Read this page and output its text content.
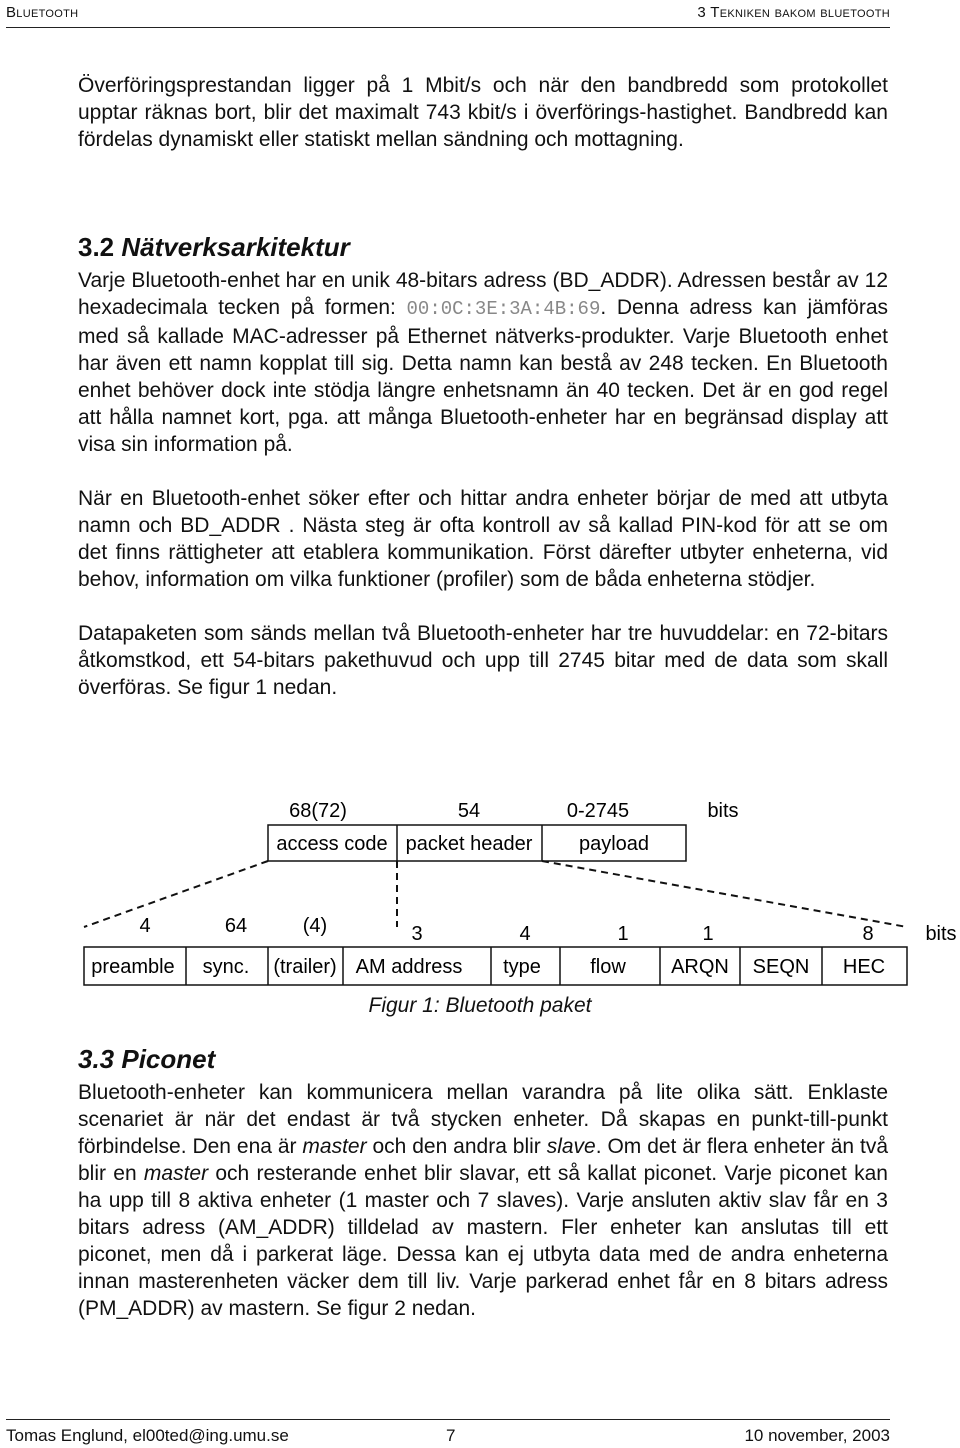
Bluetooth	3 Tekniken bakom bluetooth

Överföringsprestandan ligger på 1 Mbit/s och när den bandbredd som protokollet upptar räknas bort, blir det maximalt 743 kbit/s i överförings-hastighet. Bandbredd kan fördelas dynamiskt eller statiskt mellan sändning och mottagning.

3.2 Nätverksarkitektur

Varje Bluetooth-enhet har en unik 48-bitars adress (BD_ADDR). Adressen består av 12 hexadecimala tecken på formen: 00:0C:3E:3A:4B:69. Denna adress kan jämföras med så kallade MAC-adresser på Ethernet nätverks-produkter. Varje Bluetooth enhet har även ett namn kopplat till sig. Detta namn kan bestå av 248 tecken. En Bluetooth enhet behöver dock inte stödja längre enhetsnamn än 40 tecken. Det är en god regel att hålla namnet kort, pga. att många Bluetooth-enheter har en begränsad display att visa sin information på.

När en Bluetooth-enhet söker efter och hittar andra enheter börjar de med att utbyta namn och BD_ADDR . Nästa steg är ofta kontroll av så kallad PIN-kod för att se om det finns rättigheter att etablera kommunikation. Först därefter utbyter enheterna, vid behov, information om vilka funktioner (profiler) som de båda enheterna stödjer.

Datapaketen som sänds mellan två Bluetooth-enheter har tre huvuddelar: en 72-bitars åtkomstkod, ett 54-bitars pakethuvud och upp till 2745 bitar med de data som skall överföras. Se figur 1 nedan.

68(72)	54	0-2745	bits
access code packet header payload
4	64	(4)	3	4	1	1	8	bits
preamble sync. (trailer) AM address type flow ARQN SEQN HEC
Figur 1: Bluetooth paket
3.3 Piconet

Bluetooth-enheter kan kommunicera mellan varandra på lite olika sätt. Enklaste scenariet är när det endast är två stycken enheter. Då skapas en punkt-till-punkt förbindelse. Den ena är master och den andra blir slave. Om det är flera enheter än två blir en master och resterande enhet blir slavar, ett så kallat piconet. Varje piconet kan ha upp till 8 aktiva enheter (1 master och 7 slaves). Varje ansluten aktiv slav får en 3 bitars adress (AM_ADDR) tilldelad av mastern. Fler enheter kan anslutas till ett piconet, men då i parkerat läge. Dessa kan ej utbyta data med de andra enheterna innan masterenheten väcker dem till liv. Varje parkerad enhet får en 8 bitars adress (PM_ADDR) av mastern. Se figur 2 nedan.

Tomas Englund, el00ted@ing.umu.se	7	10 november, 2003
